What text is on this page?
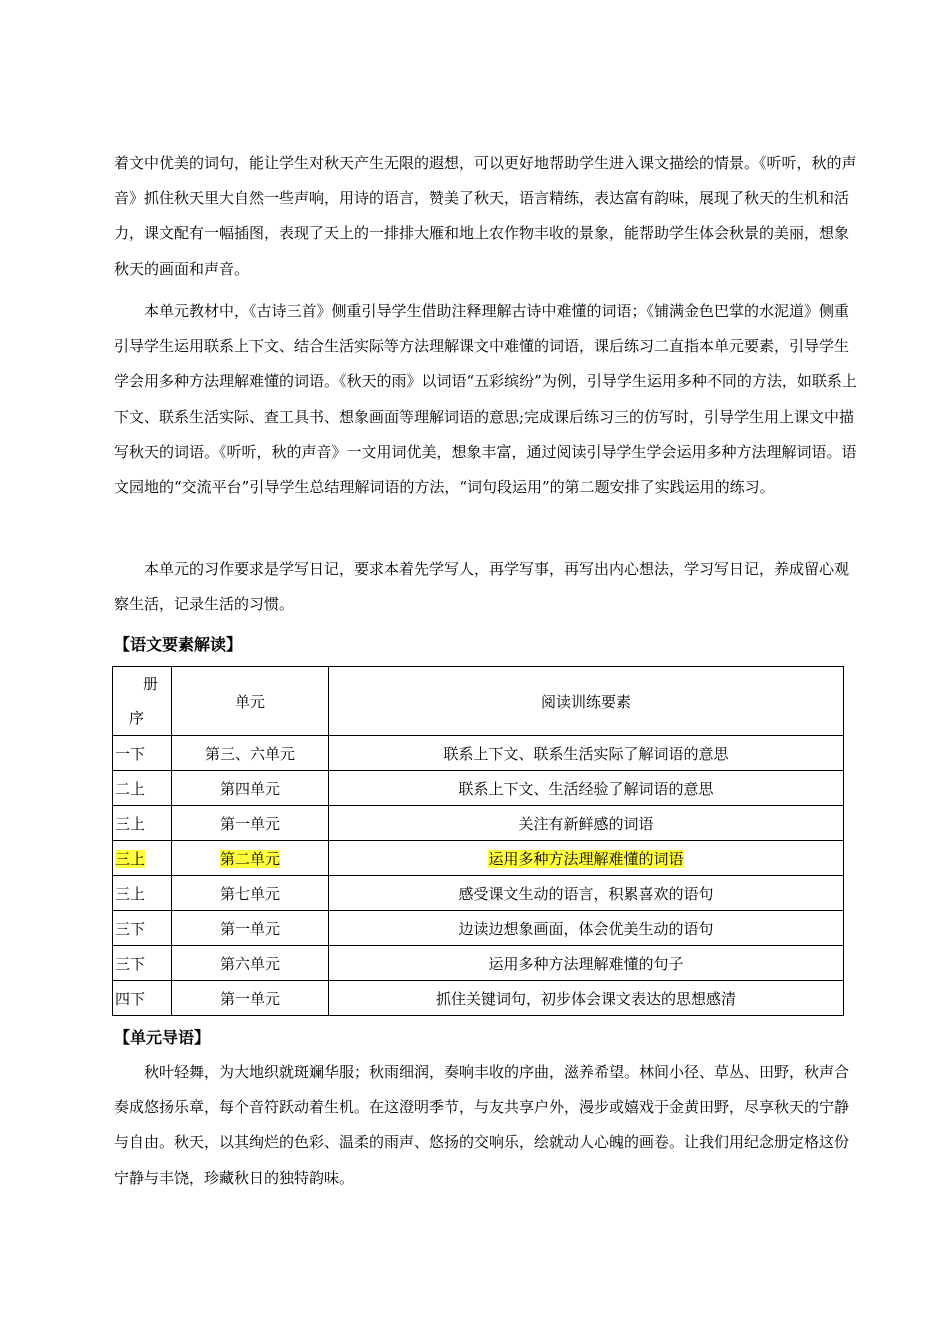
着文中优美的词句，能让学生对秋天产生无限的遐想，可以更好地帮助学生进入课文描绘的情景。《听听，秋的声音》抓住秋天里大自然一些声响，用诗的语言，赞美了秋天，语言精练，表达富有韵味，展现了秋天的生机和活力，课文配有一幅插图，表现了天上的一排排大雁和地上农作物丰收的景象，能帮助学生体会秋景的美丽，想象秋天的画面和声音。

本单元教材中，《古诗三首》侧重引导学生借助注释理解古诗中难懂的词语；《铺满金色巴掌的水泥道》侧重引导学生运用联系上下文、结合生活实际等方法理解课文中难懂的词语，课后练习二直指本单元要素，引导学生学会用多种方法理解难懂的词语。《秋天的雨》以词语“五彩缤纷”为例，引导学生运用多种不同的方法，如联系上下文、联系生活实际、查工具书、想象画面等理解词语的意思;完成课后练习三的仿写时，引导学生用上课文中描写秋天的词语。《听听，秋的声音》一文用词优美，想象丰富，通过阅读引导学生学会运用多种方法理解词语。语文园地的“交流平台”引导学生总结理解词语的方法，“词句段运用”的第二题安排了实践运用的练习。

本单元的习作要求是学写日记，要求本着先学写人，再学写事，再写出内心想法，学习写日记，养成留心观察生活，记录生活的习惯。

【语文要素解读】
册
序	单元	阅读训练要素
一下	第三、六单元	联系上下文、联系生活实际了解词语的意思
二上	第四单元	联系上下文、生活经验了解词语的意思
三上	第一单元	关注有新鲜感的词语
三上	第二单元	运用多种方法理解难懂的词语
三上	第七单元	感受课文生动的语言，积累喜欢的语句
三下	第一单元	边读边想象画面，体会优美生动的语句
三下	第六单元	运用多种方法理解难懂的句子
四下	第一单元	抓住关键词句，初步体会课文表达的思想感清
【单元导语】

秋叶轻舞，为大地织就斑斓华服；秋雨细润，奏响丰收的序曲，滋养希望。林间小径、草丛、田野，秋声合奏成悠扬乐章，每个音符跃动着生机。在这澄明季节，与友共享户外，漫步或嬉戏于金黄田野，尽享秋天的宁静与自由。秋天，以其绚烂的色彩、温柔的雨声、悠扬的交响乐，绘就动人心魄的画卷。让我们用纪念册定格这份宁静与丰饶，珍藏秋日的独特韵味。
